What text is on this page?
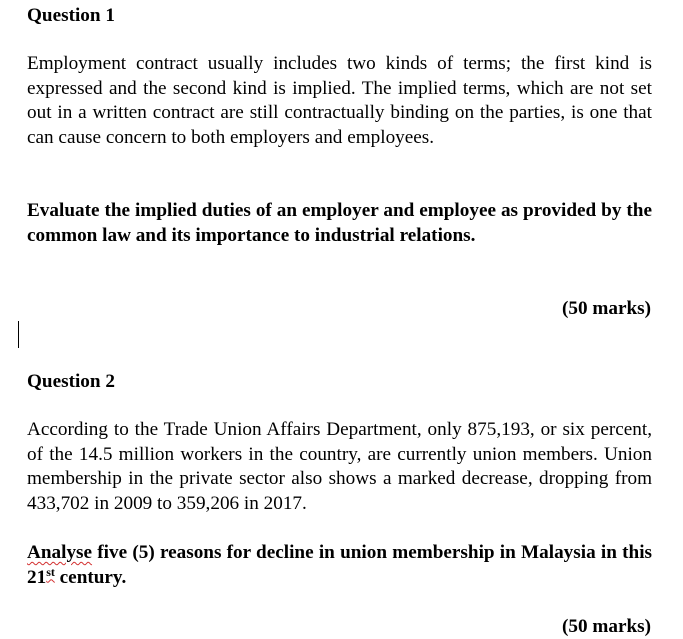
Question 1

Employment contract usually includes two kinds of terms; the first kind is expressed and the second kind is implied. The implied terms, which are not set out in a written contract are still contractually binding on the parties, is one that can cause concern to both employers and employees.

Evaluate the implied duties of an employer and employee as provided by the common law and its importance to industrial relations.

(50 marks)
Question 2

According to the Trade Union Affairs Department, only 875,193, or six percent, of the 14.5 million workers in the country, are currently union members. Union membership in the private sector also shows a marked decrease, dropping from 433,702 in 2009 to 359,206 in 2017.

Analyse five (5) reasons for decline in union membership in Malaysia in this 21st century.

(50 marks)
